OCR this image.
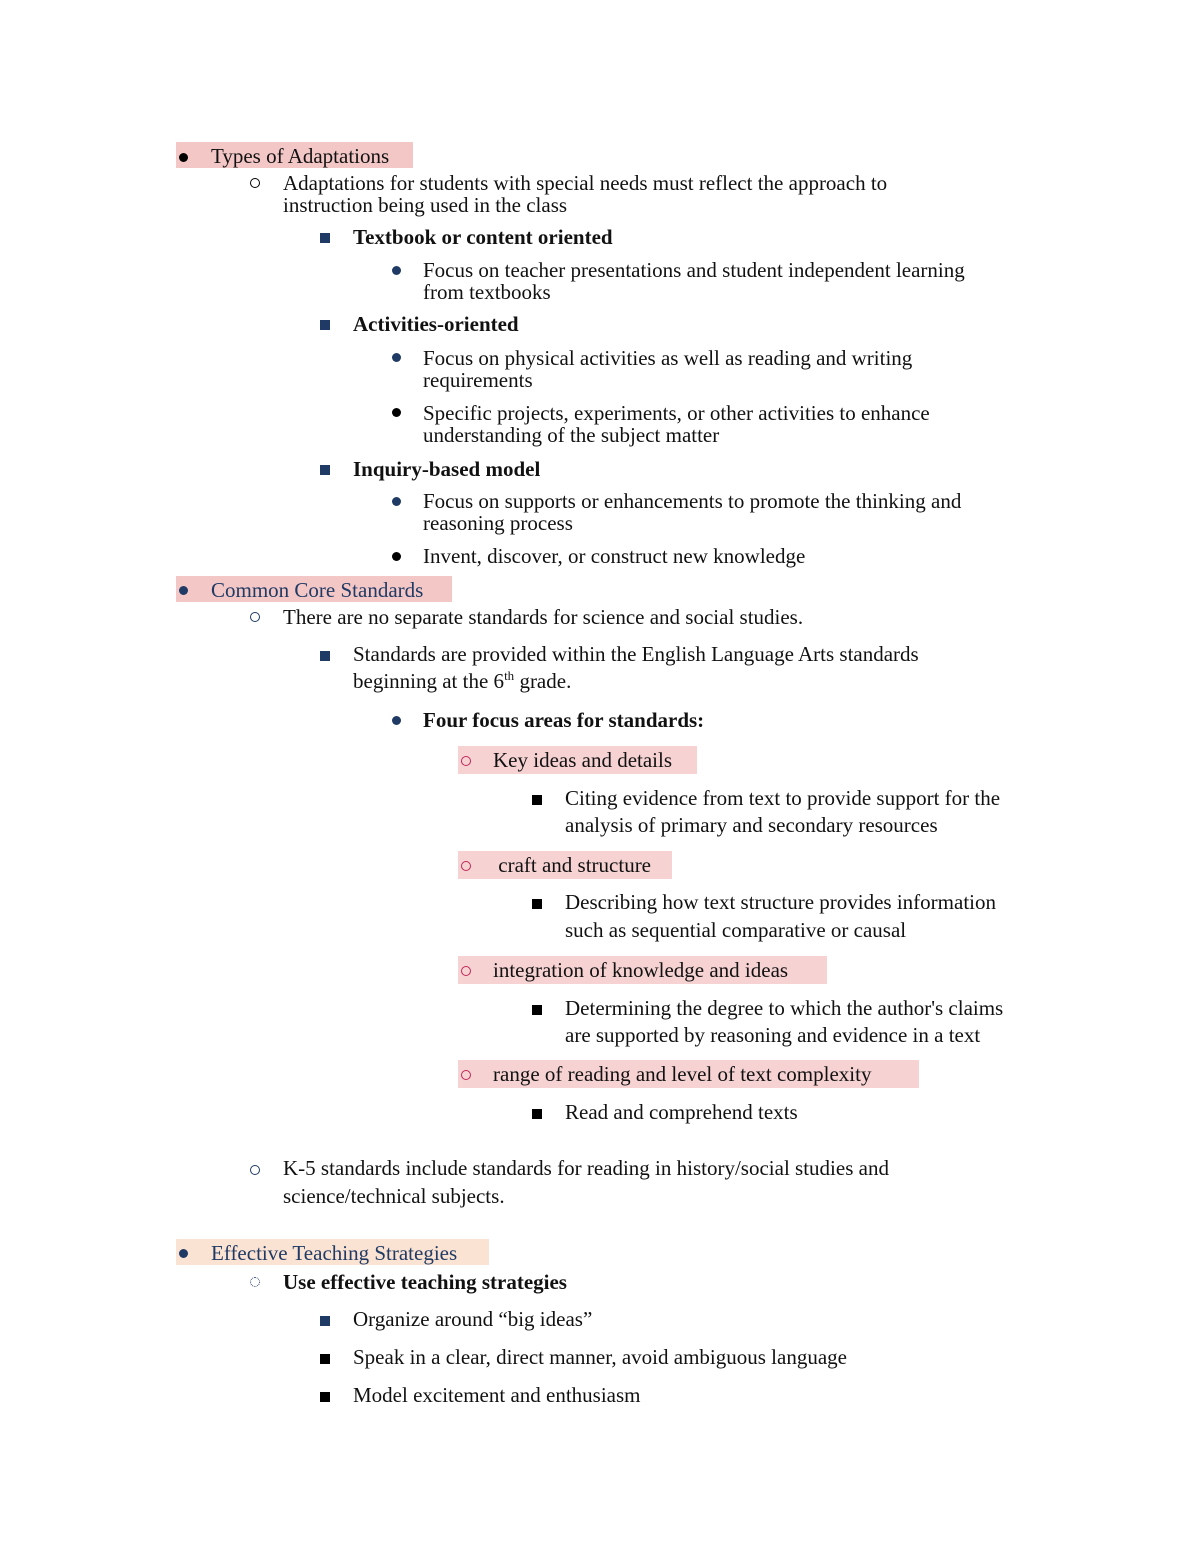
Types of Adaptations
Adaptations for students with special needs must reflect the approach to
instruction being used in the class
Textbook or content oriented
Focus on teacher presentations and student independent learning
from textbooks
Activities-oriented
Focus on physical activities as well as reading and writing
requirements
Specific projects, experiments, or other activities to enhance
understanding of the subject matter
Inquiry-based model
Focus on supports or enhancements to promote the thinking and
reasoning process
Invent, discover, or construct new knowledge
Common Core Standards
There are no separate standards for science and social studies.
Standards are provided within the English Language Arts standards
beginning at the 6th grade.
Four focus areas for standards:
Key ideas and details
Citing evidence from text to provide support for the
analysis of primary and secondary resources
craft and structure
Describing how text structure provides information
such as sequential comparative or causal
integration of knowledge and ideas
Determining the degree to which the author's claims
are supported by reasoning and evidence in a text
range of reading and level of text complexity
Read and comprehend texts
K-5 standards include standards for reading in history/social studies and
science/technical subjects.
Effective Teaching Strategies
Use effective teaching strategies
Organize around “big ideas”
Speak in a clear, direct manner, avoid ambiguous language
Model excitement and enthusiasm
